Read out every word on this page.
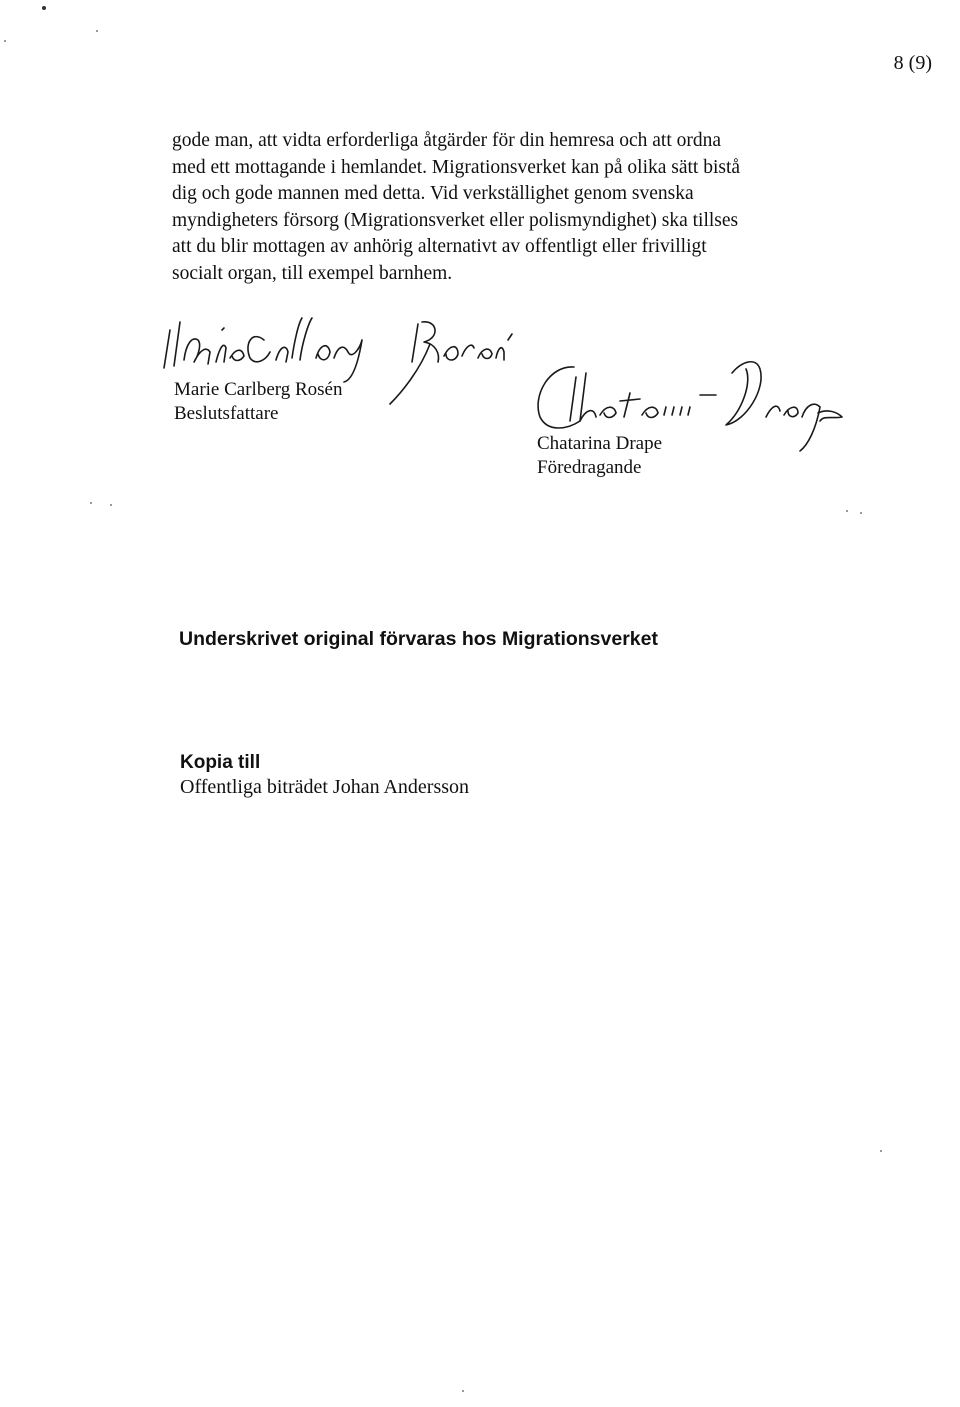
8 (9)
gode man, att vidta erforderliga åtgärder för din hemresa och att ordna
med ett mottagande i hemlandet. Migrationsverket kan på olika sätt bistå
dig och gode mannen med detta. Vid verkställighet genom svenska
myndigheters försorg (Migrationsverket eller polismyndighet) ska tillses
att du blir mottagen av anhörig alternativt av offentligt eller frivilligt
socialt organ, till exempel barnhem.
Marie Carlberg Rosén
Beslutsfattare
Chatarina Drape
Föredragande
Underskrivet original förvaras hos Migrationsverket
Kopia till
Offentliga biträdet Johan Andersson
